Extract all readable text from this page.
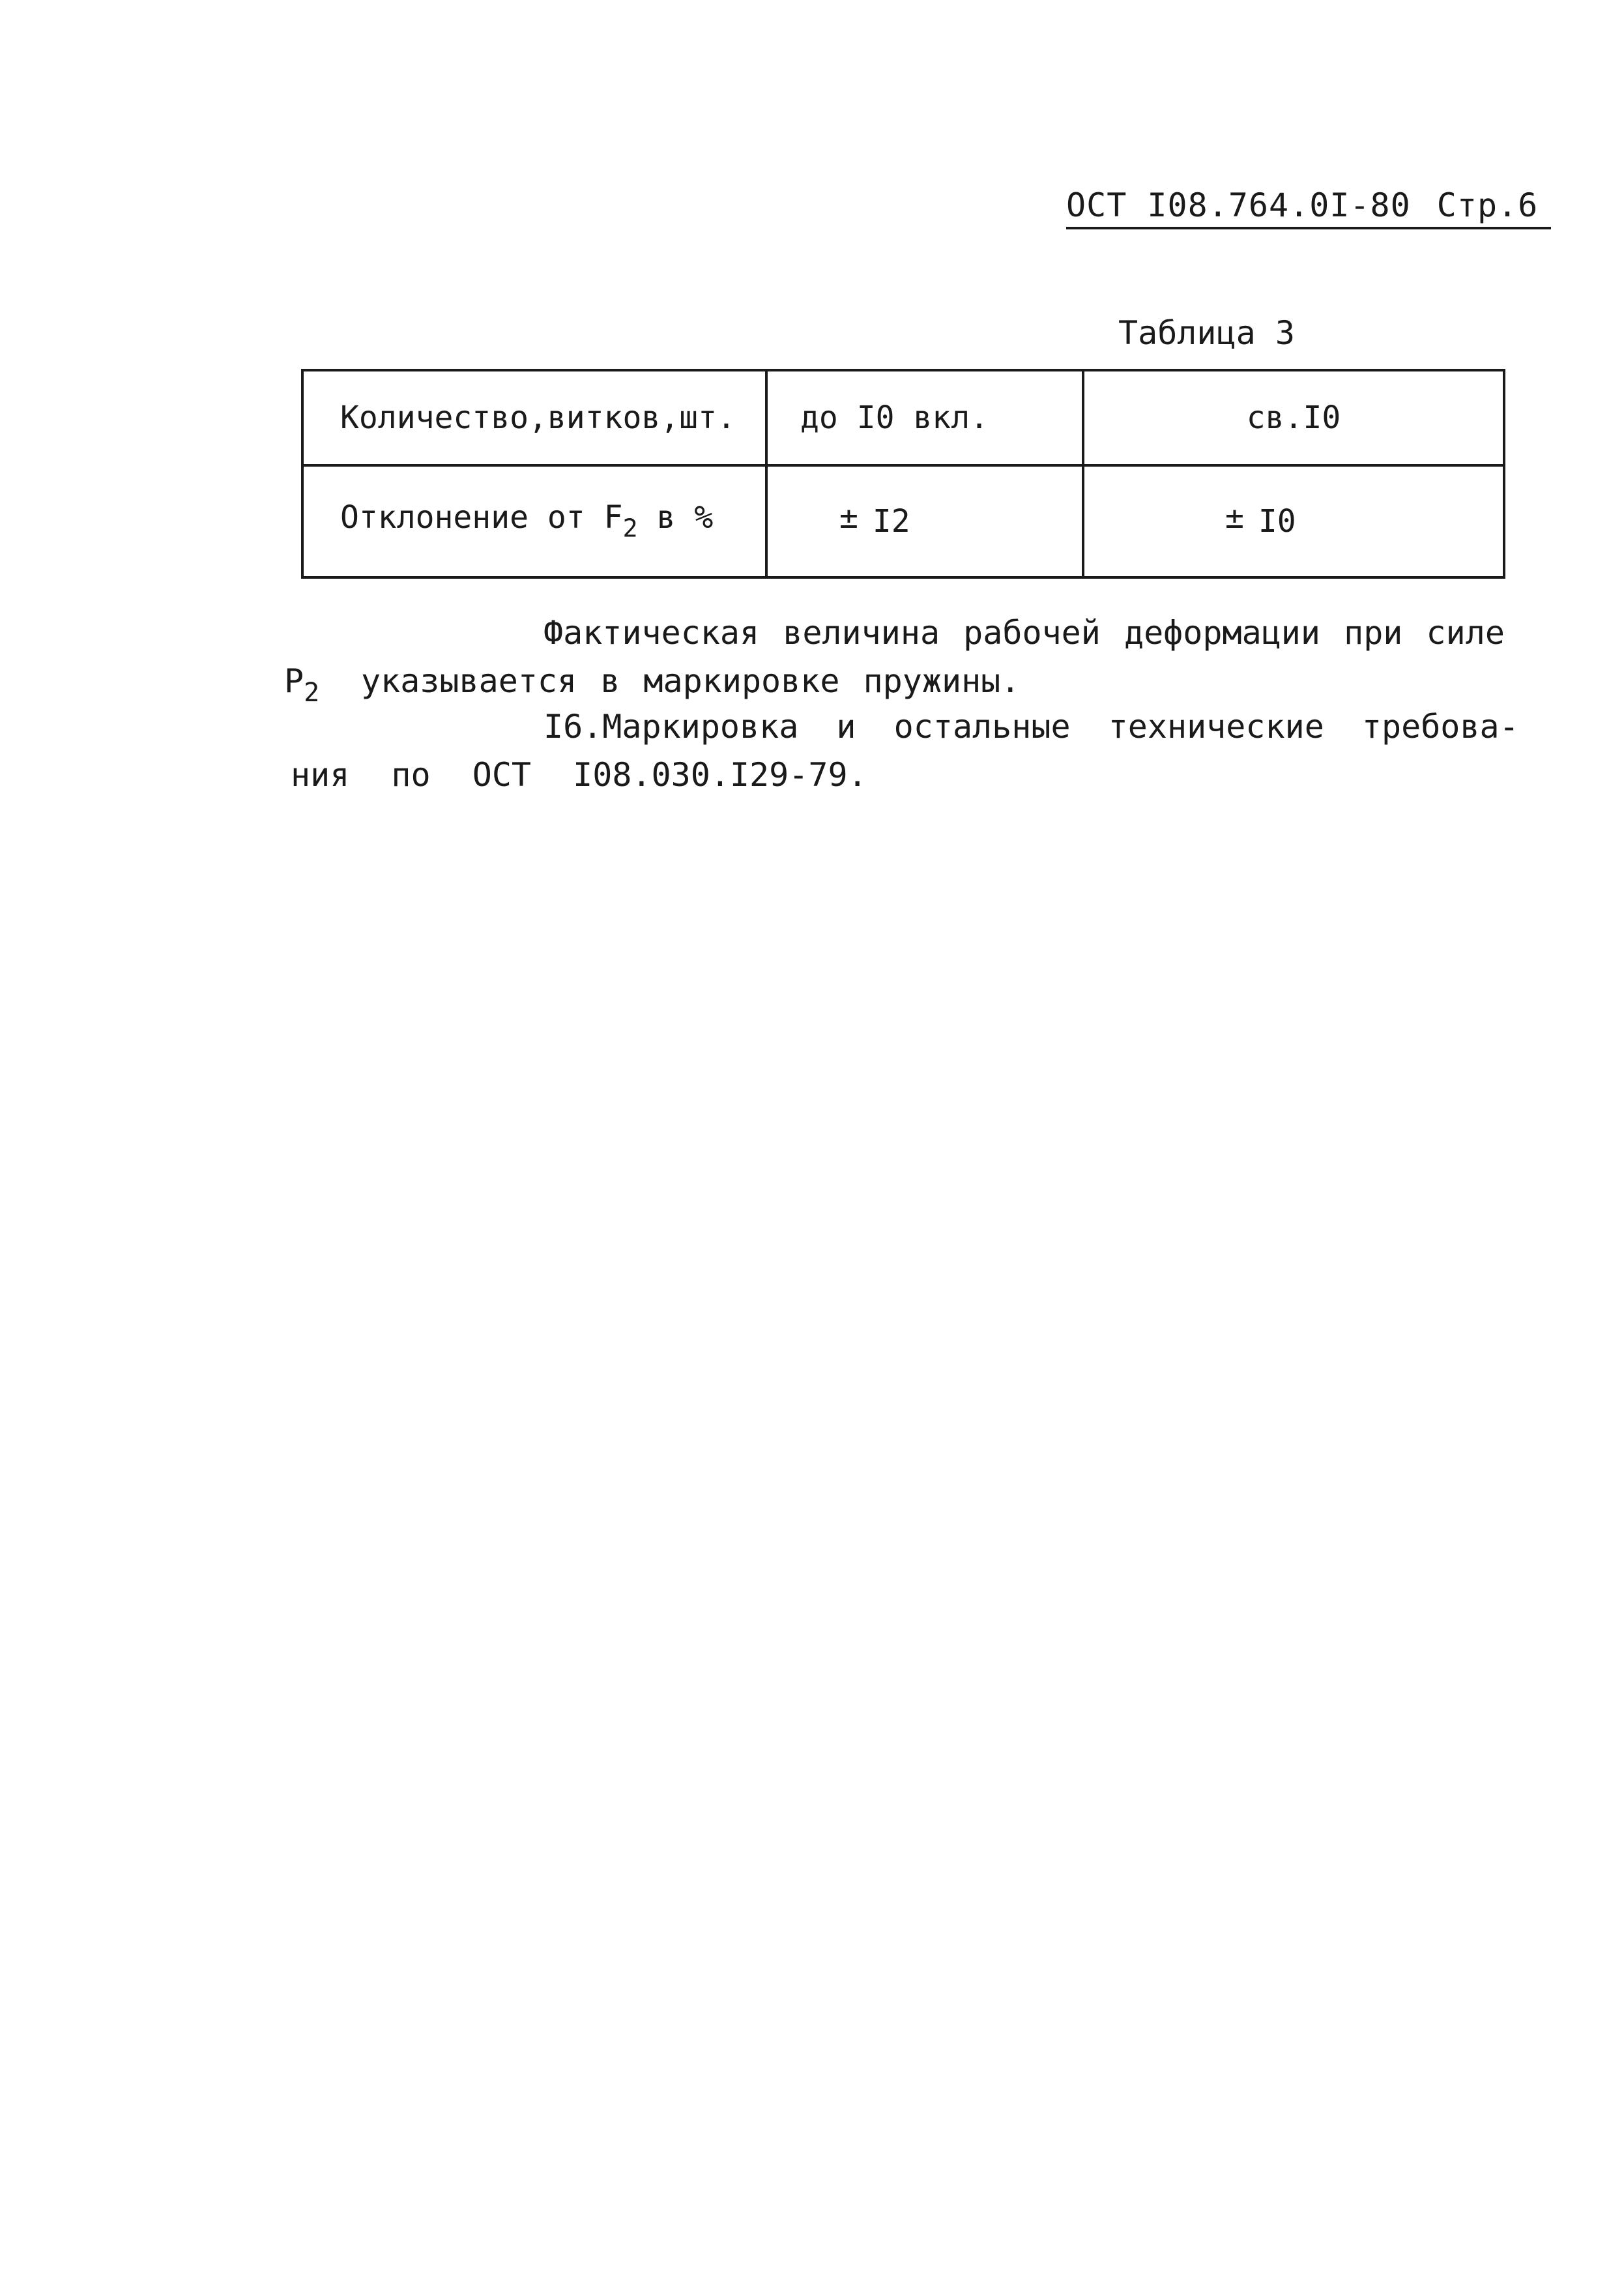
ОСТ I08.764.0I-80 Стр.6
Таблица 3
Количество,витков,шт.	до I0 вкл.	св.I0
Отклонение от $F_2$ в %	± I2	± I0
Фактическая величина рабочей деформации при силе
$P_2$ указывается в маркировке пружины.
I6.Маркировка и остальные технические требова-
ния по ОСТ I08.030.I29-79.
